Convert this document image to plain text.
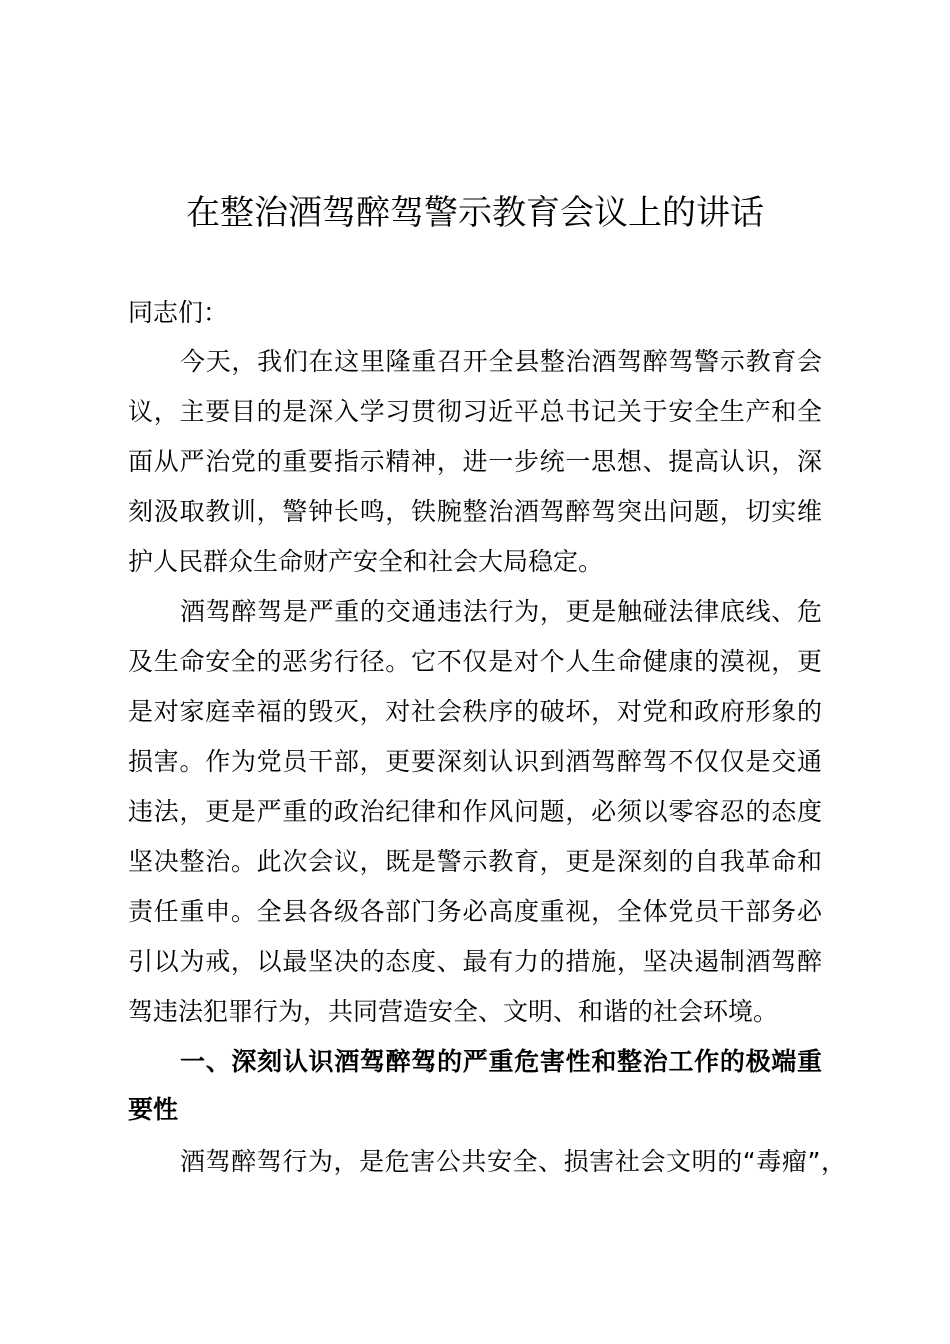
在整治酒驾醉驾警示教育会议上的讲话
同志们：
今天，我们在这里隆重召开全县整治酒驾醉驾警示教育会
议，主要目的是深入学习贯彻习近平总书记关于安全生产和全
面从严治党的重要指示精神，进一步统一思想、提高认识，深
刻汲取教训，警钟长鸣，铁腕整治酒驾醉驾突出问题，切实维
护人民群众生命财产安全和社会大局稳定。
酒驾醉驾是严重的交通违法行为，更是触碰法律底线、危
及生命安全的恶劣行径。它不仅是对个人生命健康的漠视，更
是对家庭幸福的毁灭，对社会秩序的破坏，对党和政府形象的
损害。作为党员干部，更要深刻认识到酒驾醉驾不仅仅是交通
违法，更是严重的政治纪律和作风问题，必须以零容忍的态度
坚决整治。此次会议，既是警示教育，更是深刻的自我革命和
责任重申。全县各级各部门务必高度重视，全体党员干部务必
引以为戒，以最坚决的态度、最有力的措施，坚决遏制酒驾醉
驾违法犯罪行为，共同营造安全、文明、和谐的社会环境。
一、深刻认识酒驾醉驾的严重危害性和整治工作的极端重
要性
酒驾醉驾行为，是危害公共安全、损害社会文明的“毒瘤”，
